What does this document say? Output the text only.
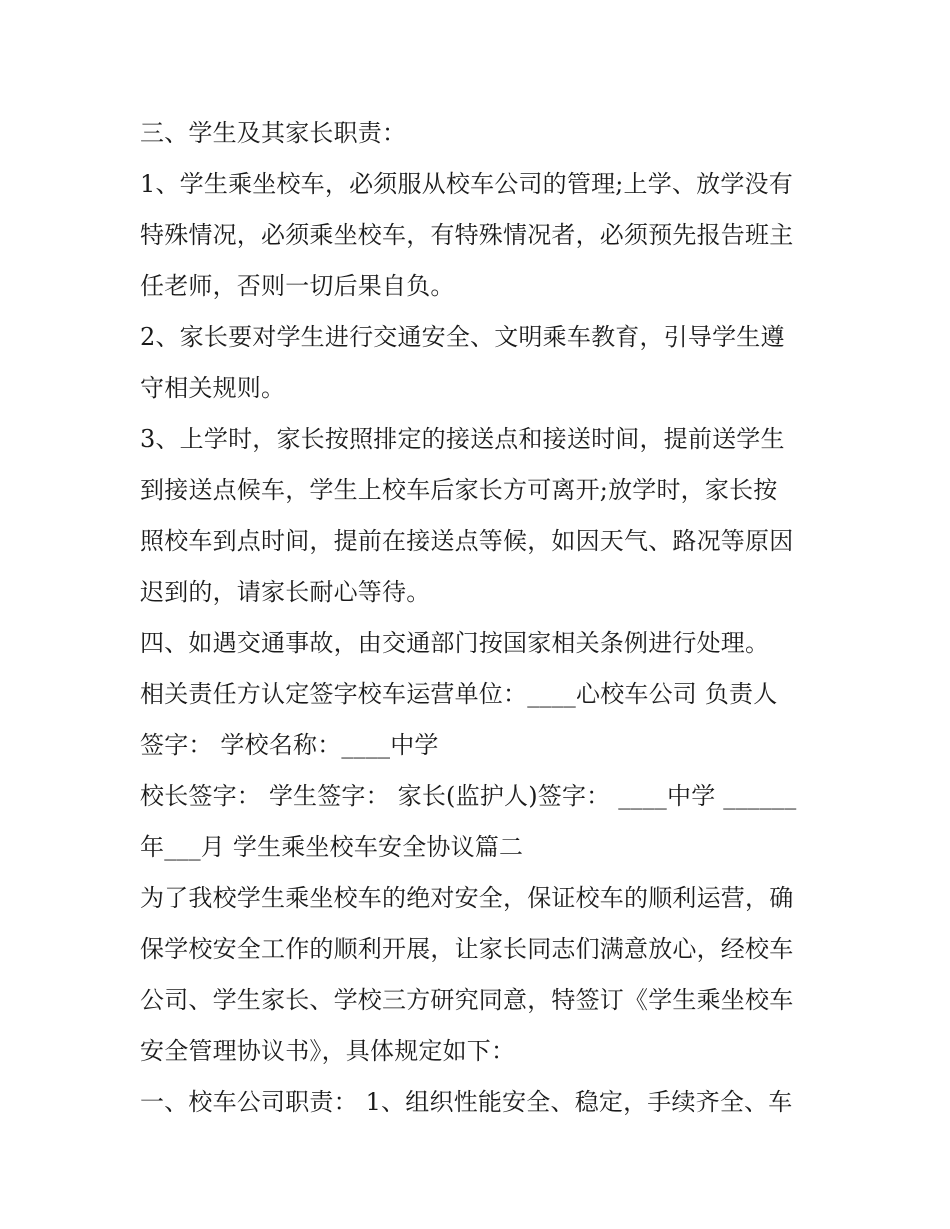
三、学生及其家长职责：
1、学生乘坐校车，必须服从校车公司的管理;上学、放学没有
特殊情况，必须乘坐校车，有特殊情况者，必须预先报告班主
任老师，否则一切后果自负。
2、家长要对学生进行交通安全、文明乘车教育，引导学生遵
守相关规则。
3、上学时，家长按照排定的接送点和接送时间，提前送学生
到接送点候车，学生上校车后家长方可离开;放学时，家长按
照校车到点时间，提前在接送点等候，如因天气、路况等原因
迟到的，请家长耐心等待。
四、如遇交通事故，由交通部门按国家相关条例进行处理。
相关责任方认定签字校车运营单位：____心校车公司 负责人
签字： 学校名称：____中学
校长签字： 学生签字： 家长(监护人)签字： ____中学 ______
年___月 学生乘坐校车安全协议篇二
为了我校学生乘坐校车的绝对安全，保证校车的顺利运营，确
保学校安全工作的顺利开展，让家长同志们满意放心，经校车
公司、学生家长、学校三方研究同意，特签订《学生乘坐校车
安全管理协议书》，具体规定如下：
一、校车公司职责： 1、组织性能安全、稳定，手续齐全、车
